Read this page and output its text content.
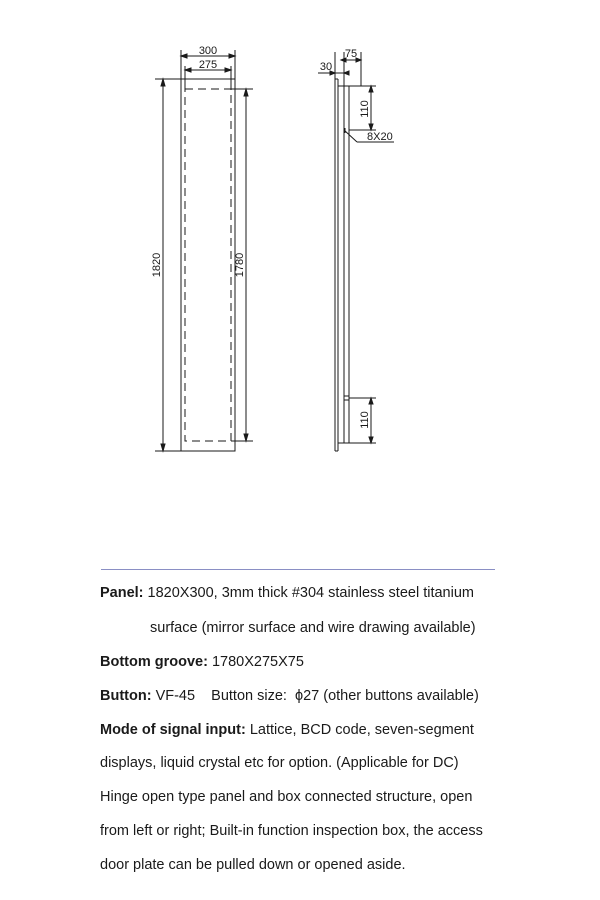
300
275
1820	1780
75
30
110
8X20
110
Panel: 1820X300, 3mm thick #304 stainless steel titanium
surface (mirror surface and wire drawing available)
Bottom groove: 1780X275X75
Button: VF-45    Button size:  ϕ27 (other buttons available)
Mode of signal input: Lattice, BCD code, seven-segment
displays, liquid crystal etc for option. (Applicable for DC)
Hinge open type panel and box connected structure, open
from left or right; Built-in function inspection box, the access
door plate can be pulled down or opened aside.
